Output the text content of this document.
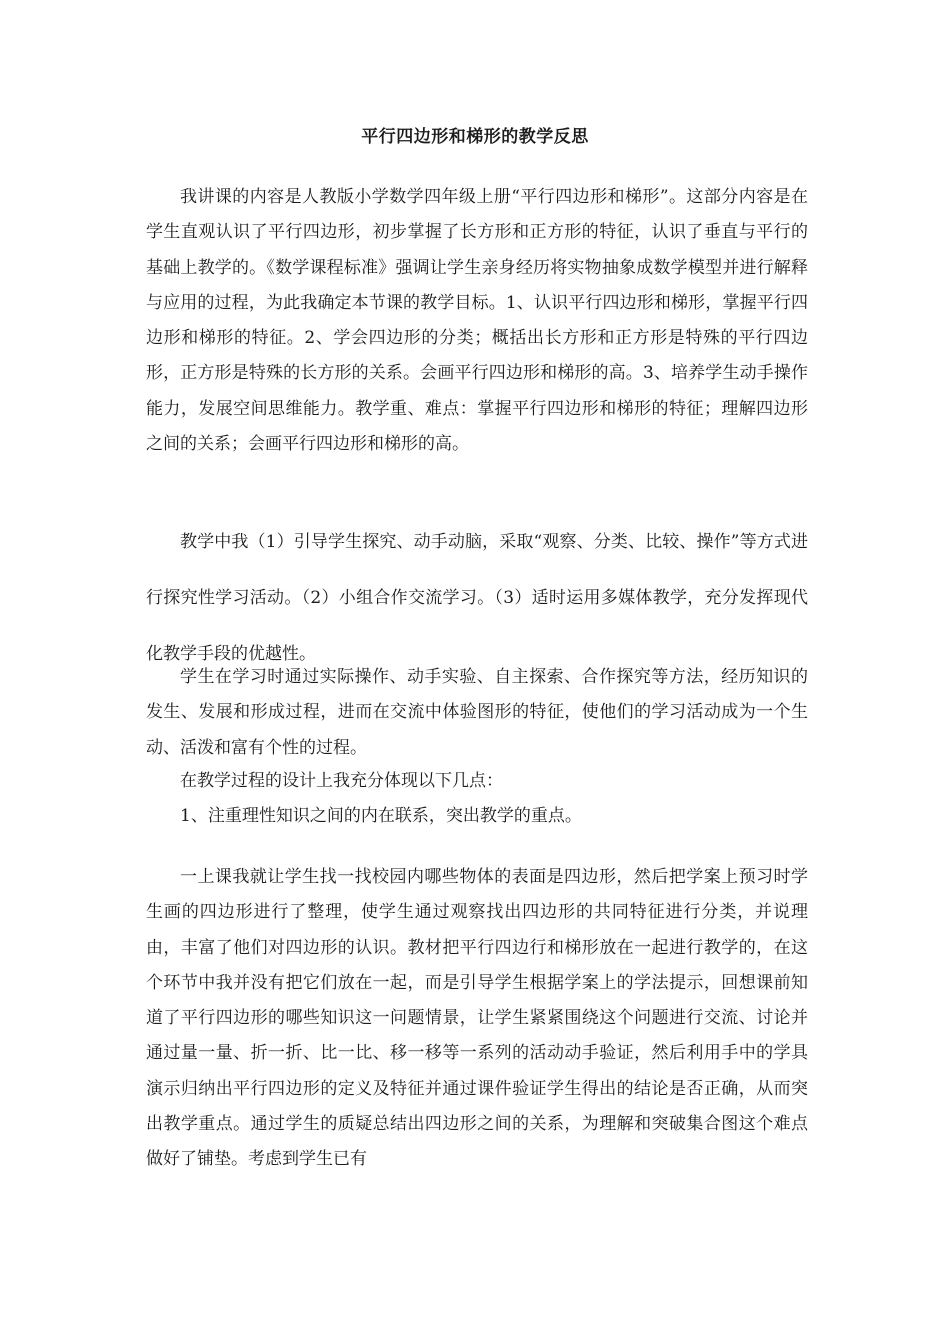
平行四边形和梯形的教学反思

我讲课的内容是人教版小学数学四年级上册“平行四边形和梯形”。这部分内容是在学生直观认识了平行四边形，初步掌握了长方形和正方形的特征，认识了垂直与平行的基础上教学的。《数学课程标准》强调让学生亲身经历将实物抽象成数学模型并进行解释与应用的过程，为此我确定本节课的教学目标。1、认识平行四边形和梯形，掌握平行四边形和梯形的特征。2、学会四边形的分类；概括出长方形和正方形是特殊的平行四边形，正方形是特殊的长方形的关系。会画平行四边形和梯形的高。3、培养学生动手操作能力，发展空间思维能力。教学重、难点：掌握平行四边形和梯形的特征；理解四边形之间的关系；会画平行四边形和梯形的高。

教学中我（1）引导学生探究、动手动脑，采取“观察、分类、比较、操作”等方式进行探究性学习活动。（2）小组合作交流学习。（3）适时运用多媒体教学，充分发挥现代化教学手段的优越性。

学生在学习时通过实际操作、动手实验、自主探索、合作探究等方法，经历知识的发生、发展和形成过程，进而在交流中体验图形的特征，使他们的学习活动成为一个生动、活泼和富有个性的过程。

在教学过程的设计上我充分体现以下几点：

1、注重理性知识之间的内在联系，突出教学的重点。

一上课我就让学生找一找校园内哪些物体的表面是四边形，然后把学案上预习时学生画的四边形进行了整理，使学生通过观察找出四边形的共同特征进行分类，并说理由，丰富了他们对四边形的认识。教材把平行四边行和梯形放在一起进行教学的，在这个环节中我并没有把它们放在一起，而是引导学生根据学案上的学法提示，回想课前知道了平行四边形的哪些知识这一问题情景，让学生紧紧围绕这个问题进行交流、讨论并通过量一量、折一折、比一比、移一移等一系列的活动动手验证，然后利用手中的学具演示归纳出平行四边形的定义及特征并通过课件验证学生得出的结论是否正确，从而突出教学重点。通过学生的质疑总结出四边形之间的关系，为理解和突破集合图这个难点做好了铺垫。考虑到学生已有
